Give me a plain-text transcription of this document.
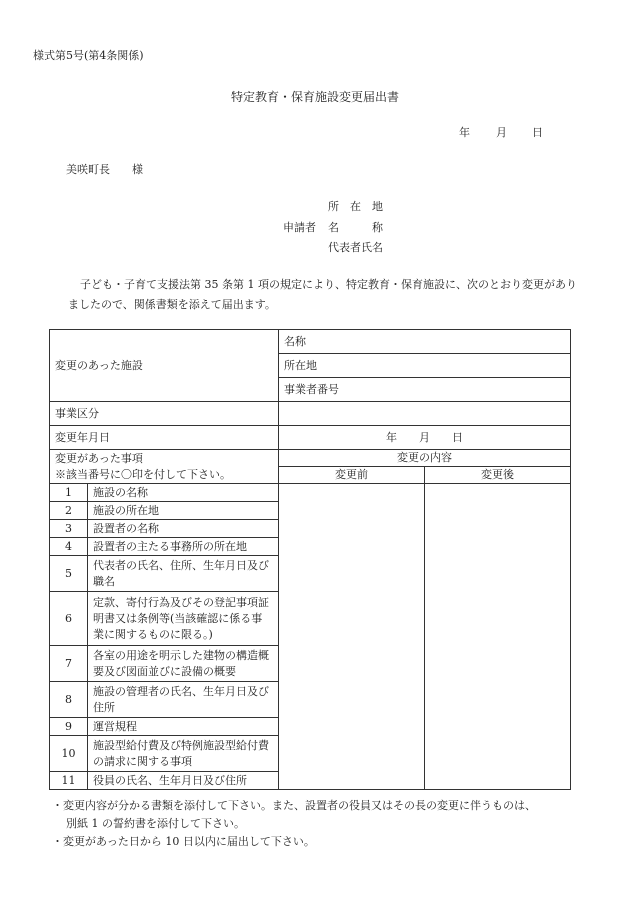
様式第5号(第4条関係)
特定教育・保育施設変更届出書
年 月 日
美咲町長　　様
所　在　地
申請者 名　　　称
代表者氏名
子ども・子育て支援法第 35 条第 1 項の規定により、特定教育・保育施設に、次のとおり変更がありましたので、関係書類を添えて届出ます。
変更のあった施設		名称	
		所在地	
		事業者番号	
事業区分			
変更年月日		年　　月　　日	

変更があった事項
※該当番号に〇印を付して下さい。		変更の内容	
		変更前	変更後
1	施設の名称		
2	施設の所在地		
3	設置者の名称		
4	設置者の主たる事務所の所在地		
5	代表者の氏名、住所、生年月日及び職名		
6	定款、寄付行為及びその登記事項証明書又は条例等(当該確認に係る事業に関するものに限る。)		
7	各室の用途を明示した建物の構造概要及び図面並びに設備の概要		
8	施設の管理者の氏名、生年月日及び住所		
9	運営規程		
10	施設型給付費及び特例施設型給付費の請求に関する事項		
11	役員の氏名、生年月日及び住所		

・変更内容が分かる書類を添付して下さい。また、設置者の役員又はその長の変更に伴うものは、

別紙 1 の誓約書を添付して下さい。

・変更があった日から 10 日以内に届出して下さい。
